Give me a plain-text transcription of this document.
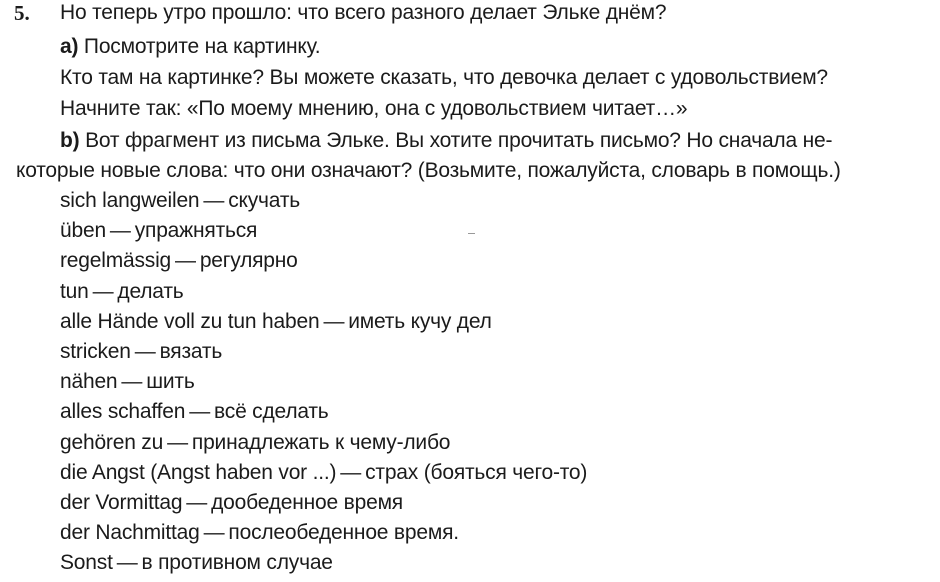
5. Но теперь утро прошло: что всего разного делает Эльке днём?
a) Посмотрите на картинку.
Кто там на картинке? Вы можете сказать, что девочка делает с удовольствием?
Начните так: «По моему мнению, она с удовольствием читает…»
b) Вот фрагмент из письма Эльке. Вы хотите прочитать письмо? Но сначала не-
которые новые слова: что они означают? (Возьмите, пожалуйста, словарь в помощь.)
sich langweilen — скучать
üben — упражняться
regelmässig — регулярно
tun — делать
alle Hände voll zu tun haben — иметь кучу дел
stricken — вязать
nähen — шить
alles schaffen — всё сделать
gehören zu — принадлежать к чему-либо
die Angst (Angst haben vor ...) — страх (бояться чего-то)
der Vormittag — дообеденное время
der Nachmittag — послеобеденное время.
Sonst — в противном случае
